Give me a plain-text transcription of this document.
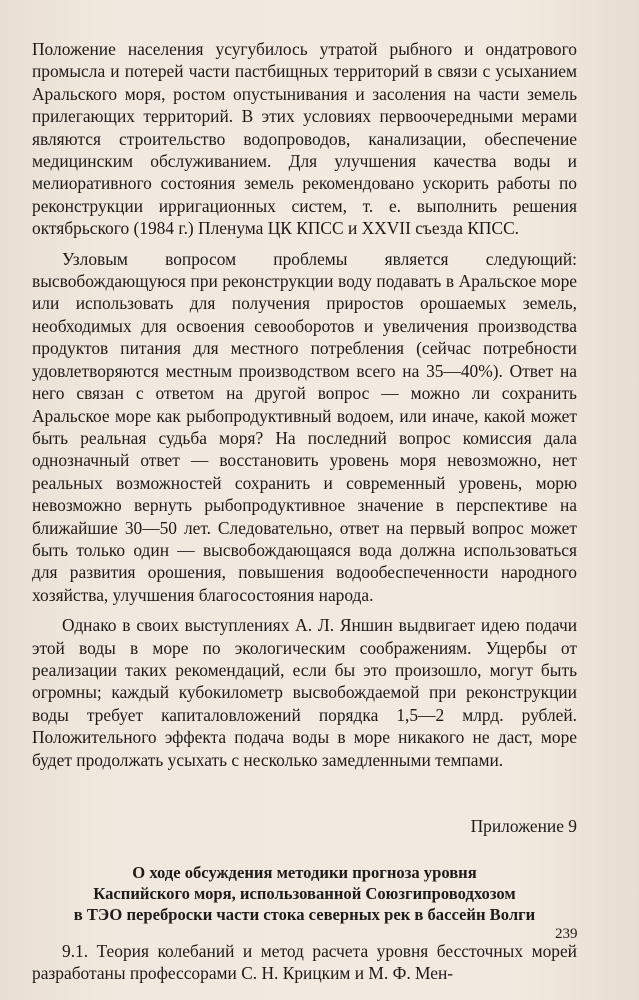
Положение населения усугубилось утратой рыбного и ондатрового промысла и потерей части пастбищных территорий в связи с усыханием Аральского моря, ростом опустынивания и засоления на части земель прилегающих территорий. В этих условиях первоочередными мерами являются строительство водопроводов, канализации, обеспечение медицинским обслуживанием. Для улучшения качества воды и мелиоративного состояния земель рекомендовано ускорить работы по реконструкции ирригационных систем, т. е. выполнить решения октябрьского (1984 г.) Пленума ЦК КПСС и XXVII съезда КПСС.

Узловым вопросом проблемы является следующий: высвобождающуюся при реконструкции воду подавать в Аральское море или использовать для получения приростов орошаемых земель, необходимых для освоения севооборотов и увеличения производства продуктов питания для местного потребления (сейчас потребности удовлетворяются местным производством всего на 35—40%). Ответ на него связан с ответом на другой вопрос — можно ли сохранить Аральское море как рыбопродуктивный водоем, или иначе, какой может быть реальная судьба моря? На последний вопрос комиссия дала однозначный ответ — восстановить уровень моря невозможно, нет реальных возможностей сохранить и современный уровень, морю невозможно вернуть рыбопродуктивное значение в перспективе на ближайшие 30—50 лет. Следовательно, ответ на первый вопрос может быть только один — высвобождающаяся вода должна использоваться для развития орошения, повышения водообеспеченности народного хозяйства, улучшения благосостояния народа.

Однако в своих выступлениях А. Л. Яншин выдвигает идею подачи этой воды в море по экологическим соображениям. Ущербы от реализации таких рекомендаций, если бы это произошло, могут быть огромны; каждый кубокилометр высвобождаемой при реконструкции воды требует капиталовложений порядка 1,5—2 млрд. рублей. Положительного эффекта подача воды в море никакого не даст, море будет продолжать усыхать с несколько замедленными темпами.

Приложение 9
О ходе обсуждения методики прогноза уровня
Каспийского моря, использованной Союзгипроводхозом
в ТЭО переброски части стока северных рек в бассейн Волги

9.1. Теория колебаний и метод расчета уровня бессточных морей разработаны профессорами С. Н. Крицким и М. Ф. Мен-

239
